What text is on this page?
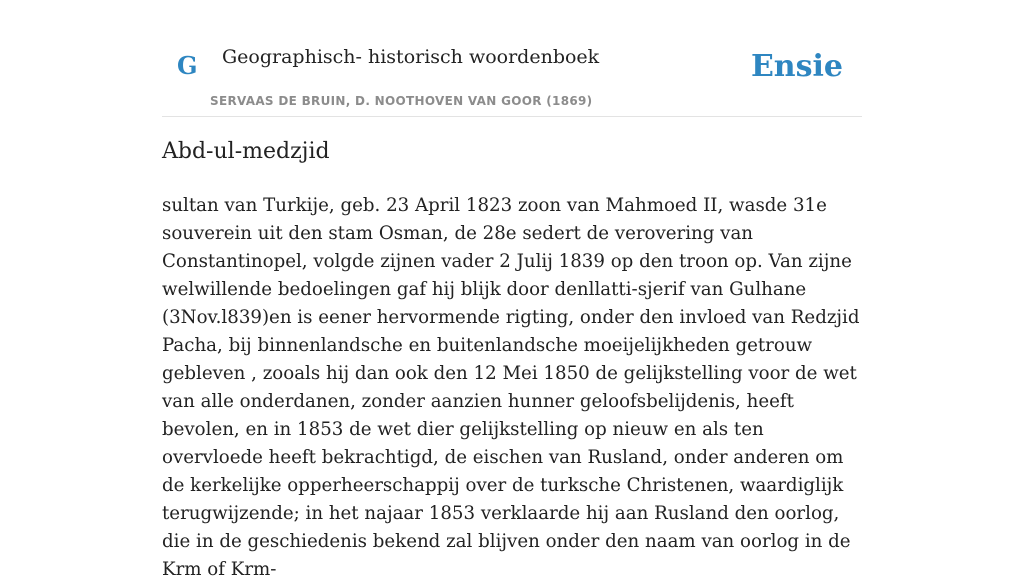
G Geographisch- historisch woordenboek
SERVAAS DE BRUIN, D. NOOTHOVEN VAN GOOR (1869)
Ensie
Abd-ul-medzjid

sultan van Turkije, geb. 23 April 1823 zoon van Mahmoed II, wasde 31e souverein uit den stam Osman, de 28e sedert de verovering van Constantinopel, volgde zijnen vader 2 Julij 1839 op den troon op. Van zijne welwillende bedoelingen gaf hij blijk door denllatti-sjerif van Gulhane (3Nov.l839)en is eener hervormende rigting, onder den invloed van Redzjid Pacha, bij binnenlandsche en buitenlandsche moeijelijkheden getrouw gebleven , zooals hij dan ook den 12 Mei 1850 de gelijkstelling voor de wet van alle onderdanen, zonder aanzien hunner geloofsbelijdenis, heeft bevolen, en in 1853 de wet dier gelijkstelling op nieuw en als ten overvloede heeft bekrachtigd, de eischen van Rusland, onder anderen om de kerkelijke opperheerschappij over de turksche Christenen, waardiglijk terugwijzende; in het najaar 1853 verklaarde hij aan Rusland den oorlog, die in de geschiedenis bekend zal blijven onder den naam van oorlog in de Krm of Krm-
